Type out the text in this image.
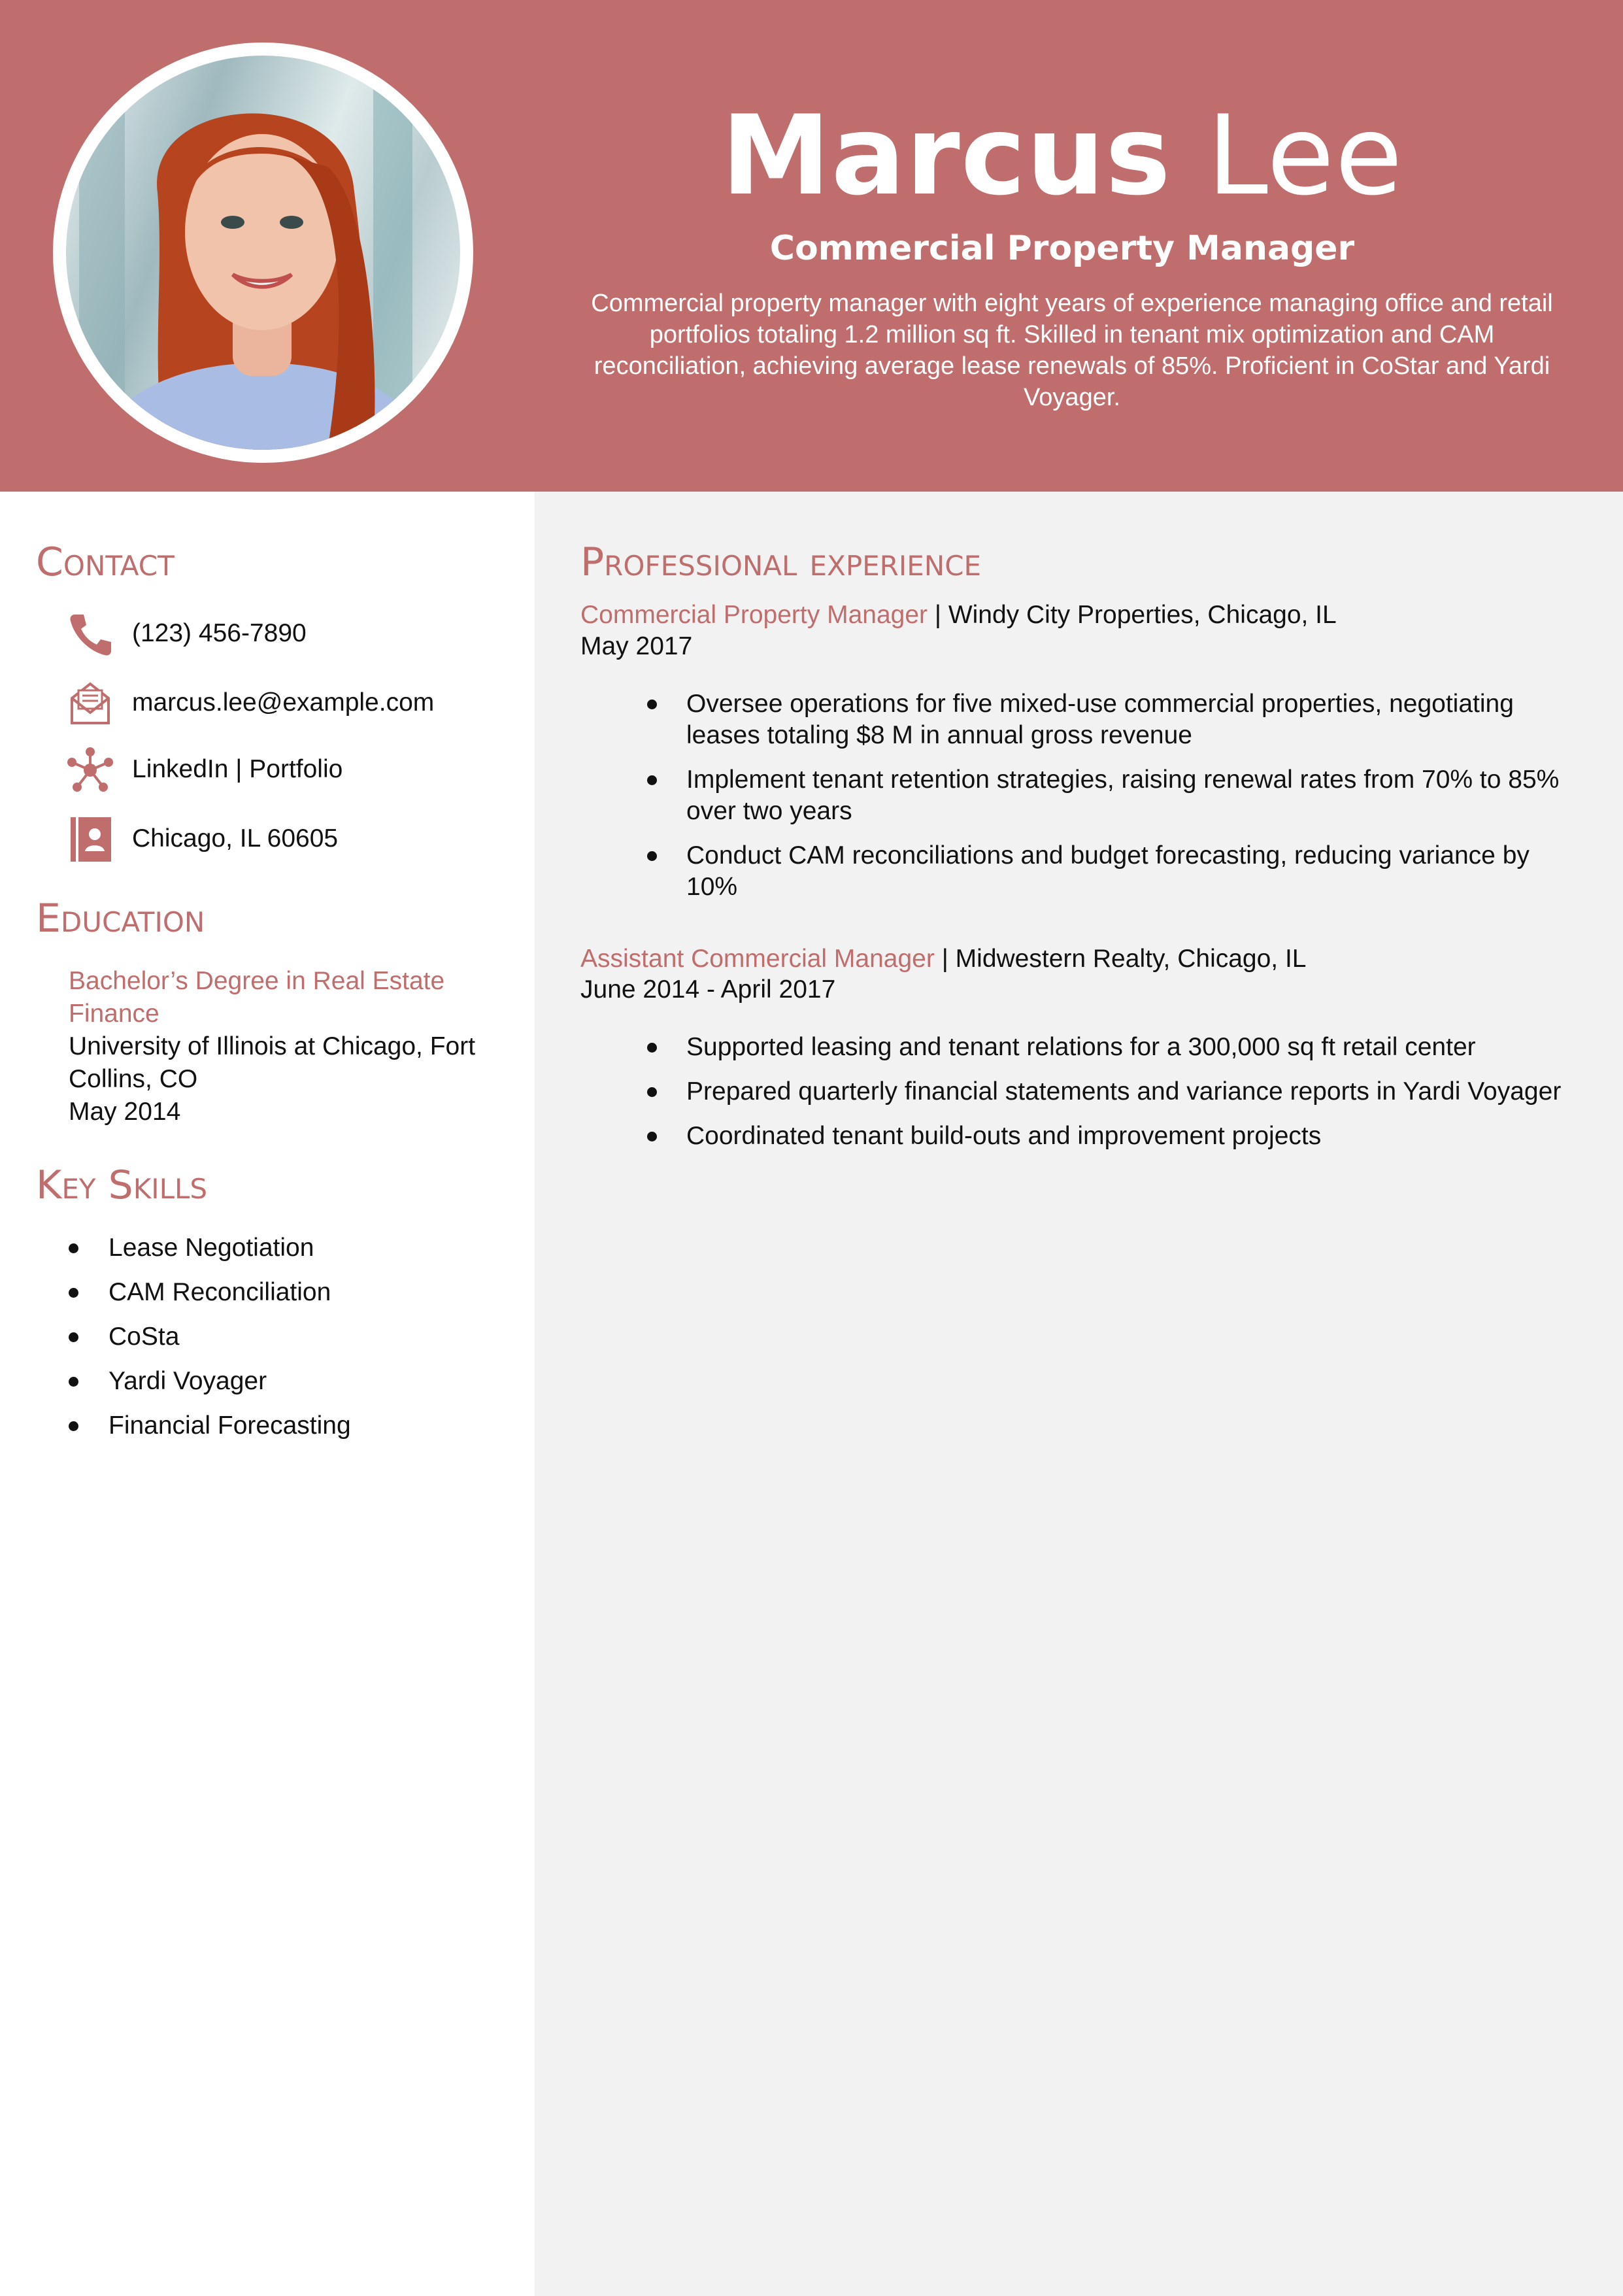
Marcus Lee
Commercial Property Manager
Commercial property manager with eight years of experience managing office and retail portfolios totaling 1.2 million sq ft. Skilled in tenant mix optimization and CAM reconciliation, achieving average lease renewals of 85%. Proficient in CoStar and Yardi Voyager.
Contact
(123) 456-7890
marcus.lee@example.com
LinkedIn | Portfolio
Chicago, IL 60605
Education
Bachelor’s Degree in Real Estate Finance
University of Illinois at Chicago, Fort Collins, CO
May 2014
Key Skills
Lease Negotiation
CAM Reconciliation
CoSta
Yardi Voyager
Financial Forecasting
Professional experience
Commercial Property Manager | Windy City Properties, Chicago, IL
May 2017
Oversee operations for five mixed-use commercial properties, negotiating leases totaling $8 M in annual gross revenue
Implement tenant retention strategies, raising renewal rates from 70% to 85% over two years
Conduct CAM reconciliations and budget forecasting, reducing variance by 10%
Assistant Commercial Manager | Midwestern Realty, Chicago, IL
June 2014 - April 2017
Supported leasing and tenant relations for a 300,000 sq ft retail center
Prepared quarterly financial statements and variance reports in Yardi Voyager
Coordinated tenant build-outs and improvement projects
